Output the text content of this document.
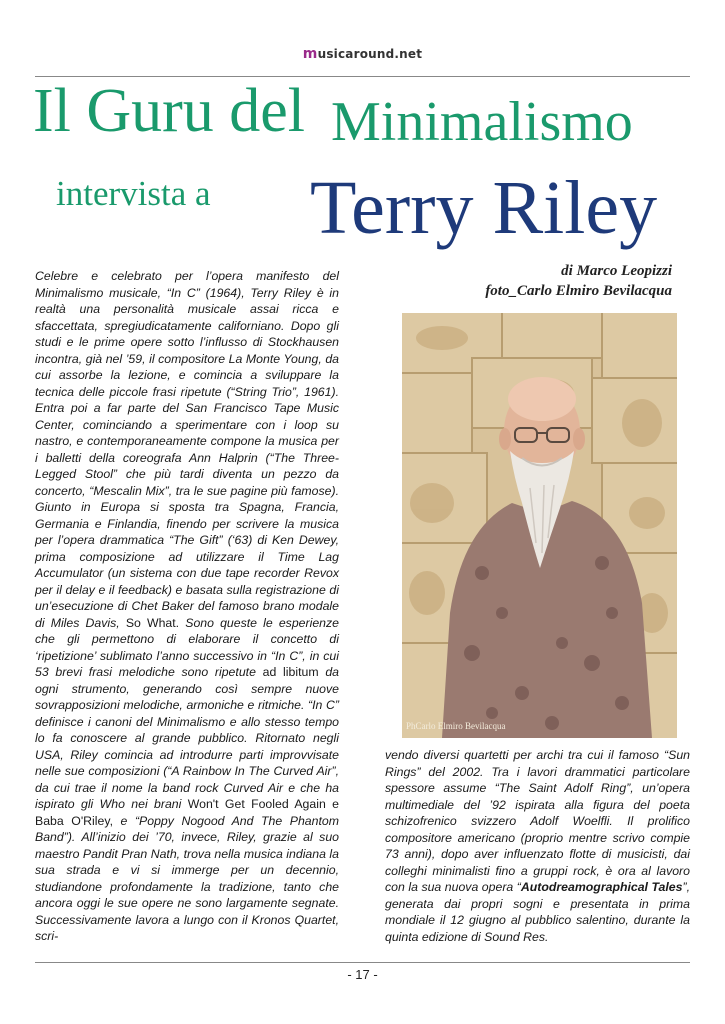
musicaround.net
Il Guru del Minimalismo
intervista a Terry Riley
di Marco Leopizzi
foto_Carlo Elmiro Bevilacqua

Celebre e celebrato per l’opera manifesto del Minimalismo musicale, “In C” (1964), Terry Riley è in realtà una personalità musicale assai ricca e sfaccettata, spregiudicatamente californiano. Dopo gli studi e le prime opere sotto l’influsso di Stockhausen incontra, già nel ’59, il compositore La Monte Young, da cui assorbe la lezione, e comincia a sviluppare la tecnica delle piccole frasi ripetute (“String Trio”, 1961). Entra poi a far parte del San Francisco Tape Music Center, cominciando a sperimentare con i loop su nastro, e contemporaneamente compone la musica per i balletti della coreografa Ann Halprin (“The Three-Legged Stool” che più tardi diventa un pezzo da concerto, “Mescalin Mix”, tra le sue pagine più famose). Giunto in Europa si sposta tra Spagna, Francia, Germania e Finlandia, finendo per scrivere la musica per l’opera drammatica “The Gift” (‘63) di Ken Dewey, prima composizione ad utilizzare il Time Lag Accumulator (un sistema con due tape recorder Revox per il delay e il feedback) e basata sulla registrazione di un’esecuzione di Chet Baker del famoso brano modale di Miles Davis, So What. Sono queste le esperienze che gli permettono di elaborare il concetto di ‘ripetizione’ sublimato l’anno successivo in “In C”, in cui 53 brevi frasi melodiche sono ripetute ad libitum da ogni strumento, generando così sempre nuove sovrapposizioni melodiche, armoniche e ritmiche. “In C” definisce i canoni del Minimalismo e allo stesso tempo lo fa conoscere al grande pubblico. Ritornato negli USA, Riley comincia ad introdurre parti improvvisate nelle sue composizioni (“A Rainbow In The Curved Air”, da cui trae il nome la band rock Curved Air e che ha ispirato gli Who nei brani Won't Get Fooled Again e Baba O'Riley, e “Poppy Nogood And The Phantom Band”). All’inizio dei ’70, invece, Riley, grazie al suo maestro Pandit Pran Nath, trova nella musica indiana la sua strada e vi si immerge per un decennio, studiandone profondamente la tradizione, tanto che ancora oggi le sue opere ne sono largamente segnate. Successivamente lavora a lungo con il Kronos Quartet, scri-

PhCarlo Elmiro Bevilacqua

vendo diversi quartetti per archi tra cui il famoso “Sun Rings” del 2002. Tra i lavori drammatici particolare spessore assume “The Saint Adolf Ring”, un’opera multimediale del ’92 ispirata alla figura del poeta schizofrenico svizzero Adolf Woelfli. Il prolifico compositore americano (proprio mentre scrivo compie 73 anni), dopo aver influenzato flotte di musicisti, dai colleghi minimalisti fino a gruppi rock, è ora al lavoro con la sua nuova opera “Autodreamographical Tales”, generata dai propri sogni e presentata in prima mondiale il 12 giugno al pubblico salentino, durante la quinta edizione di Sound Res.

- 17 -
